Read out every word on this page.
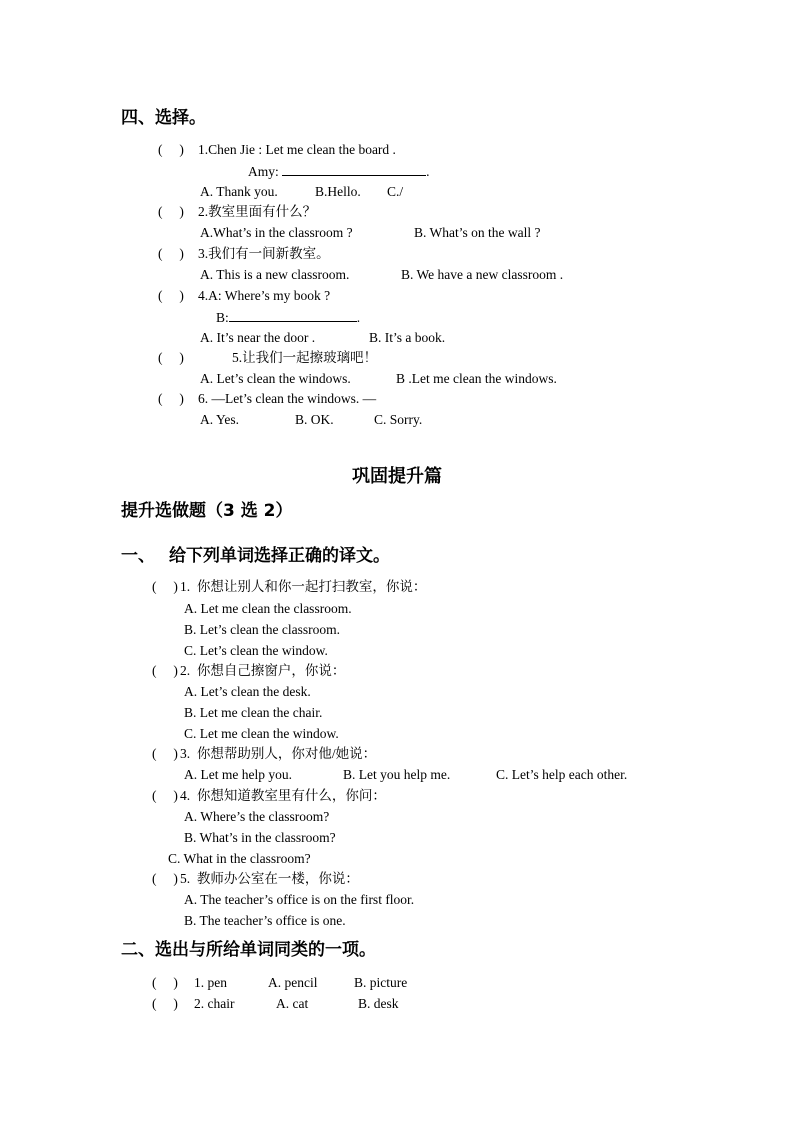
四、选择。
(     ) 1.Chen Jie : Let me clean the board .
Amy:	.
A. Thank you.	B.Hello. C./
(     ) 2.教室里面有什么？
A.What’s in the classroom ?	B. What’s on the wall ?
(     ) 3.我们有一间新教室。
A. This is a new classroom.	B. We have a new classroom .
(     ) 4.A: Where’s my book ?
B:	.
A. It’s near the door .	B. It’s a book.
(     )	5.让我们一起擦玻璃吧！
A. Let’s clean the windows.	B .Let me clean the windows.
(     ) 6. —Let’s clean the windows. —
A. Yes.	B. OK.	C. Sorry.
巩固提升篇
提升选做题（3 选 2）
一、 给下列单词选择正确的译文。
(     ) 1.  你想让别人和你一起打扫教室，你说：
A. Let me clean the classroom.
B. Let’s clean the classroom.
C. Let’s clean the window.
(     ) 2.  你想自己擦窗户，你说：
A. Let’s clean the desk.
B. Let me clean the chair.
C. Let me clean the window.
(     ) 3.  你想帮助别人，你对他/她说：
A. Let me help you.	B. Let you help me.	C. Let’s help each other.
(     ) 4.  你想知道教室里有什么，你问：
A. Where’s the classroom?
B. What’s in the classroom?
C. What in the classroom?
(     ) 5.  教师办公室在一楼，你说：
A. The teacher’s office is on the first floor.
B. The teacher’s office is one.
二、选出与所给单词同类的一项。
(     ) 1. pen	A. pencil	B. picture
(     ) 2. chair	A. cat	B. desk
